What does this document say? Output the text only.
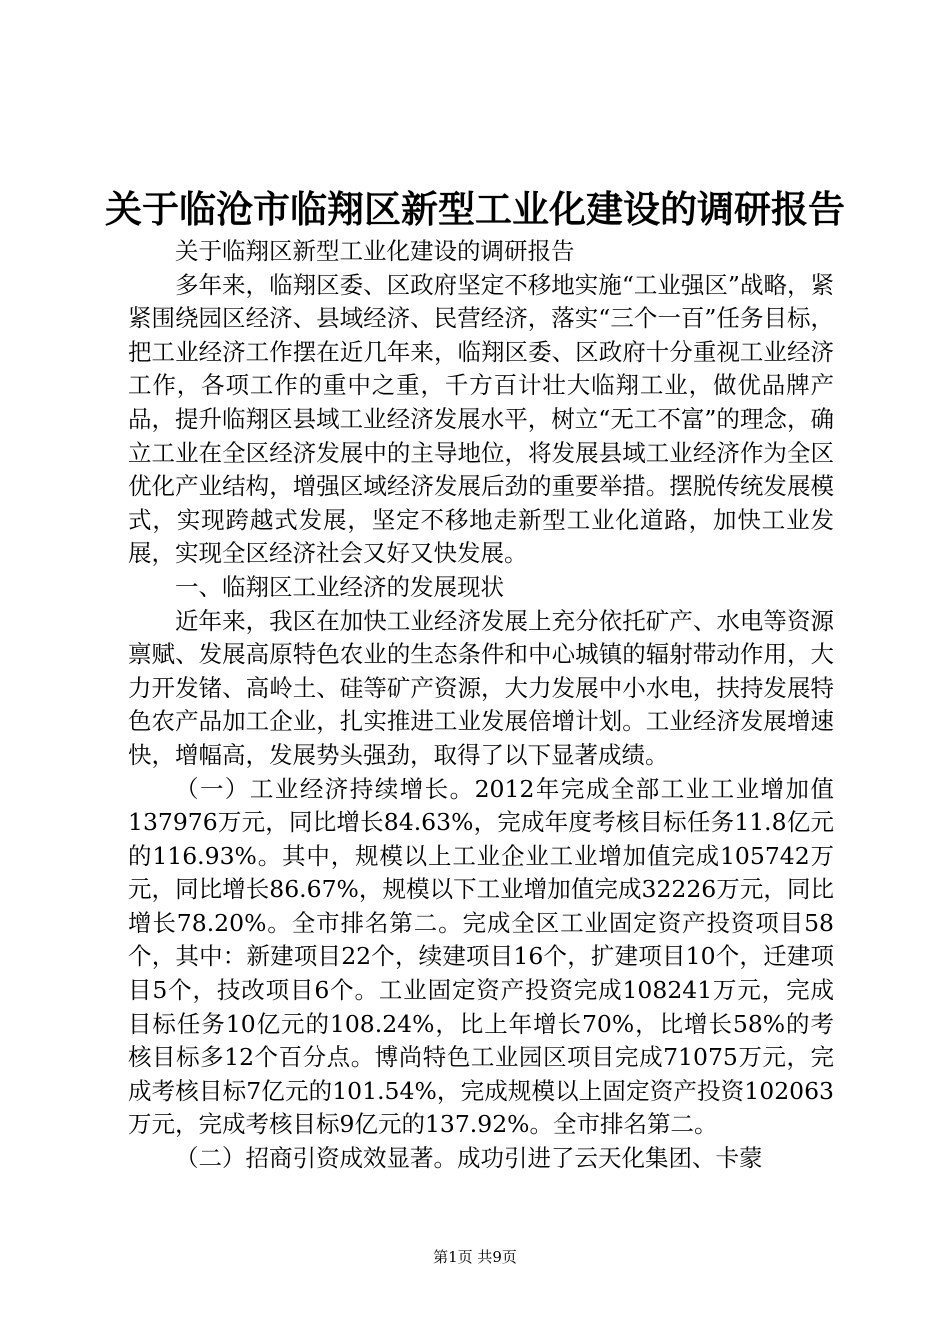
关于临沧市临翔区新型工业化建设的调研报告

关于临翔区新型工业化建设的调研报告

多年来，临翔区委、区政府坚定不移地实施“工业强区”战略，紧紧围绕园区经济、县域经济、民营经济，落实“三个一百”任务目标，把工业经济工作摆在近几年来，临翔区委、区政府十分重视工业经济工作，各项工作的重中之重，千方百计壮大临翔工业，做优品牌产品，提升临翔区县域工业经济发展水平，树立“无工不富”的理念，确立工业在全区经济发展中的主导地位，将发展县域工业经济作为全区优化产业结构，增强区域经济发展后劲的重要举措。摆脱传统发展模式，实现跨越式发展，坚定不移地走新型工业化道路，加快工业发展，实现全区经济社会又好又快发展。

一、临翔区工业经济的发展现状

近年来，我区在加快工业经济发展上充分依托矿产、水电等资源禀赋、发展高原特色农业的生态条件和中心城镇的辐射带动作用，大力开发锗、高岭土、硅等矿产资源，大力发展中小水电，扶持发展特色农产品加工企业，扎实推进工业发展倍增计划。工业经济发展增速快，增幅高，发展势头强劲，取得了以下显著成绩。

（一）工业经济持续增长。2012年完成全部工业工业增加值137976万元，同比增长84.63%，完成年度考核目标任务11.8亿元的116.93%。其中，规模以上工业企业工业增加值完成105742万元，同比增长86.67%，规模以下工业增加值完成32226万元，同比增长78.20%。全市排名第二。完成全区工业固定资产投资项目58个，其中：新建项目22个，续建项目16个，扩建项目10个，迁建项目5个，技改项目6个。工业固定资产投资完成108241万元，完成目标任务10亿元的108.24%，比上年增长70%，比增长58%的考核目标多12个百分点。博尚特色工业园区项目完成71075万元，完成考核目标7亿元的101.54%，完成规模以上固定资产投资102063万元，完成考核目标9亿元的137.92%。全市排名第二。

（二）招商引资成效显著。成功引进了云天化集团、卡蒙

第1页 共9页
